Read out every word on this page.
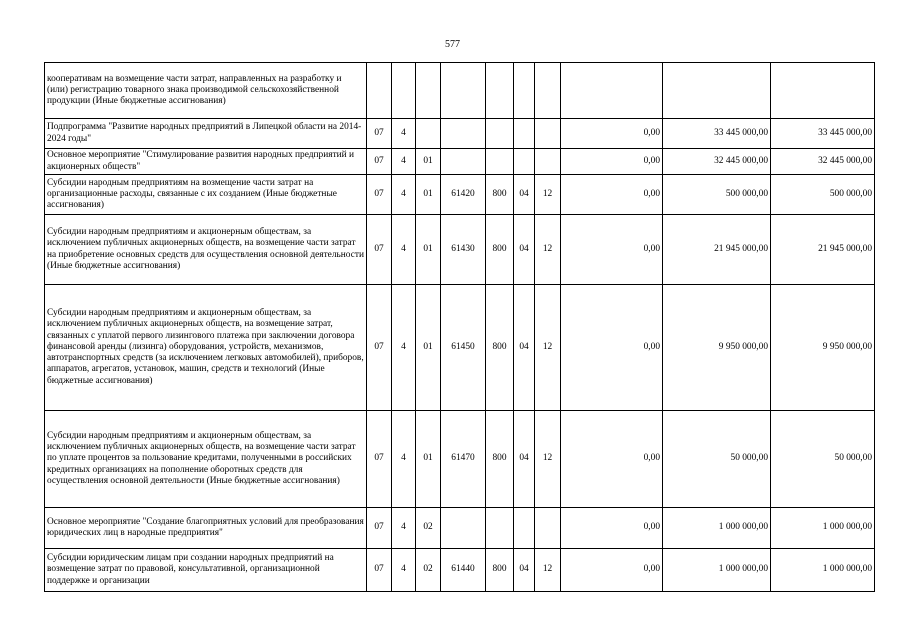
577
кооперативам на возмещение части затрат, направленных на разработку и (или) регистрацию товарного знака производимой сельскохозяйственной продукции (Иные бюджетные ассигнования)										
Подпрограмма "Развитие народных предприятий в Липецкой области на 2014-2024 годы"	07	4						0,00	33 445 000,00	33 445 000,00
Основное мероприятие "Стимулирование развития народных предприятий и акционерных обществ"	07	4	01					0,00	32 445 000,00	32 445 000,00
Субсидии народным предприятиям на возмещение части затрат на организационные расходы, связанные с их созданием (Иные бюджетные ассигнования)	07	4	01	61420	800	04	12	0,00	500 000,00	500 000,00
Субсидии народным предприятиям и акционерным обществам, за исключением публичных акционерных обществ, на возмещение части затрат на приобретение основных средств для осуществления основной деятельности (Иные бюджетные ассигнования)	07	4	01	61430	800	04	12	0,00	21 945 000,00	21 945 000,00
Субсидии народным предприятиям и акционерным обществам, за исключением публичных акционерных обществ, на возмещение затрат, связанных с уплатой первого лизингового платежа при заключении договора финансовой аренды (лизинга) оборудования, устройств, механизмов, автотранспортных средств (за исключением легковых автомобилей), приборов, аппаратов, агрегатов, установок, машин, средств и технологий (Иные бюджетные ассигнования)	07	4	01	61450	800	04	12	0,00	9 950 000,00	9 950 000,00
Субсидии народным предприятиям и акционерным обществам, за исключением публичных акционерных обществ, на возмещение части затрат по уплате процентов за пользование кредитами, полученными в российских кредитных организациях на пополнение оборотных средств для осуществления основной деятельности (Иные бюджетные ассигнования)	07	4	01	61470	800	04	12	0,00	50 000,00	50 000,00
Основное мероприятие "Создание благоприятных условий для преобразования юридических лиц в народные предприятия"	07	4	02					0,00	1 000 000,00	1 000 000,00
Субсидии юридическим лицам при создании народных предприятий на возмещение затрат по правовой, консультативной, организационной поддержке и организации	07	4	02	61440	800	04	12	0,00	1 000 000,00	1 000 000,00
